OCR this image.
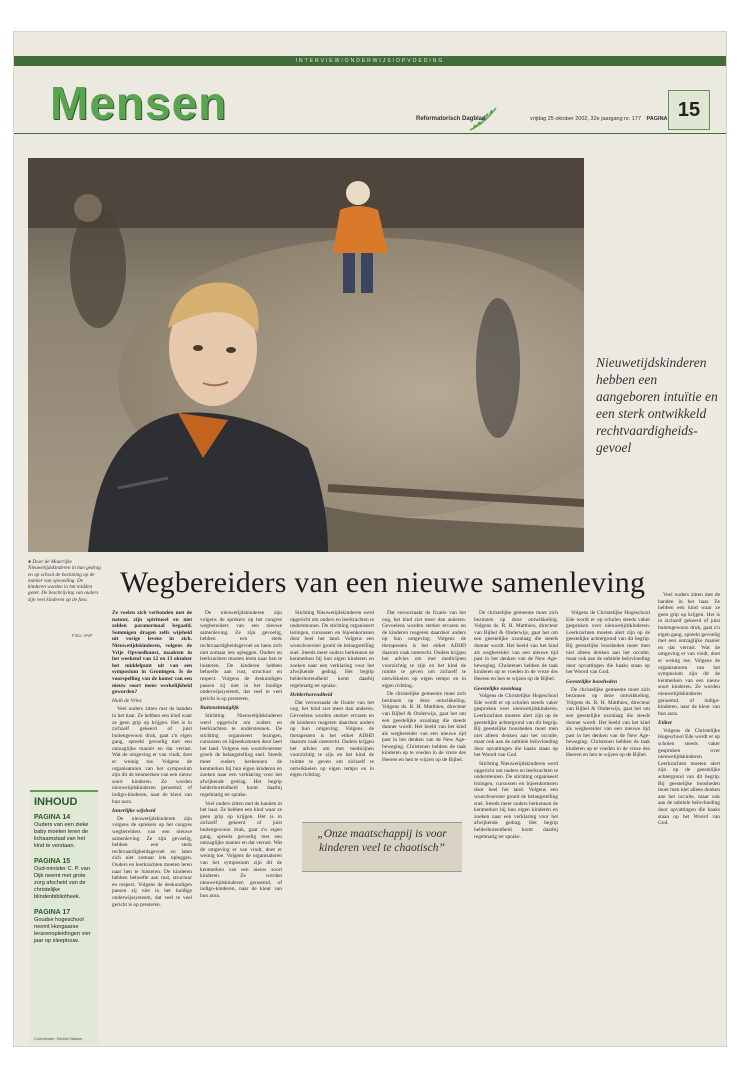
INTERVIEW/ONDERWIJS/OPVOEDING
Mensen	Reformatorisch Dagblad	vrijdag 25 oktober 2002, 32e jaargang nr. 177 PAGINA 15
Nieuwetijdskinderen hebben een aangeboren intuïtie en een sterk ontwikkeld rechtvaardigheids-gevoel
● Door de Maarrijke Nieuwetijdskinderen in hun gedrag en op school de bezinning op de manier van opvoeding. De kinderen worden in het midden gezet. De beschrijving van ouders zijn veel kinderen op de foto.
Foto: ANP
Wegbereiders van een nieuwe samenleving

Ze voelen zich verbonden met de natuur, zijn spiritueel en niet zelden paranormaal begaafd. Sommigen dragen zelfs wijsheid uit vorige levens in zich. Nieuwetijdskinderen, volgens de Vrije Opvoedkunst, maakten in het weekend van 12 en 13 oktober het middelpunt uit van een symposium in Groningen. Is de voorspelling van de komst van een nieuw soort mens werkelijkheid geworden?

Huib de Vries

Veel ouders zitten met de handen in het haar. Ze hebben een kind waar ze geen grip op krijgen. Het is in zichzelf gekeerd of juist buitengewoon druk, gaat z'n eigen gang, spreekt gevoelig met een ontzaglijke manier en dat verrast. Wat de omgeving er van vindt, doet er weinig toe. Volgens de organisatoren van het symposium zijn dit de kenmerken van een nieuw soort kinderen. Ze worden nieuwetijdskinderen genoemd, of indigo-kinderen, naar de kleur van hun aura.

Innerlijke wijsheid

De nieuwetijdskinderen zijn volgens de sprekers op het congres wegbereiders van een nieuwe samenleving. Ze zijn gevoelig, hebben een sterk rechtvaardigheidsgevoel en laten zich niet zomaar iets opleggen. Ouders en leerkrachten moeten leren naar hen te luisteren. De kinderen hebben behoefte aan rust, structuur en respect. Volgens de deskundigen passen zij niet in het huidige onderwijssysteem, dat veel te veel gericht is op presteren.

De nieuwetijdskinderen zijn volgens de sprekers op het congres wegbereiders van een nieuwe samenleving. Ze zijn gevoelig, hebben een sterk rechtvaardigheidsgevoel en laten zich niet zomaar iets opleggen. Ouders en leerkrachten moeten leren naar hen te luisteren. De kinderen hebben behoefte aan rust, structuur en respect. Volgens de deskundigen passen zij niet in het huidige onderwijssysteem, dat veel te veel gericht is op presteren.

Buitenzintuiglijk

Stichting Nieuwetijdskinderen werd opgericht om ouders en leerkrachten te ondersteunen. De stichting organiseert lezingen, cursussen en bijeenkomsten door heel het land. Volgens een woordvoerster groeit de belangstelling snel. Steeds meer ouders herkennen de kenmerken bij hun eigen kinderen en zoeken naar een verklaring voor het afwijkende gedrag. Het begrip helderhorendheid komt daarbij regelmatig ter sprake.

Veel ouders zitten met de handen in het haar. Ze hebben een kind waar ze geen grip op krijgen. Het is in zichzelf gekeerd of juist buitengewoon druk, gaat z'n eigen gang, spreekt gevoelig met een ontzaglijke manier en dat verrast. Wat de omgeving er van vindt, doet er weinig toe. Volgens de organisatoren van het symposium zijn dit de kenmerken van een nieuw soort kinderen. Ze worden nieuwetijdskinderen genoemd, of indigo-kinderen, naar de kleur van hun aura.

Stichting Nieuwetijdskinderen werd opgericht om ouders en leerkrachten te ondersteunen. De stichting organiseert lezingen, cursussen en bijeenkomsten door heel het land. Volgens een woordvoerster groeit de belangstelling snel. Steeds meer ouders herkennen de kenmerken bij hun eigen kinderen en zoeken naar een verklaring voor het afwijkende gedrag. Het begrip helderhorendheid komt daarbij regelmatig ter sprake.

Helderhorendheid

Dat veroorzaakt de fixatie van het oog, het kind ziet meer dan anderen. Gevoelens worden sterker ervaren en de kinderen reageren daardoor anders op hun omgeving. Volgens de therapeuten is het etiket ADHD daarom vaak onterecht. Ouders krijgen het advies om met medicijnen voorzichtig te zijn en het kind de ruimte te geven om zichzelf te ontwikkelen op eigen tempo en in eigen richting.

Dat veroorzaakt de fixatie van het oog, het kind ziet meer dan anderen. Gevoelens worden sterker ervaren en de kinderen reageren daardoor anders op hun omgeving. Volgens de therapeuten is het etiket ADHD daarom vaak onterecht. Ouders krijgen het advies om met medicijnen voorzichtig te zijn en het kind de ruimte te geven om zichzelf te ontwikkelen op eigen tempo en in eigen richting.

De christelijke gemeente moet zich bezinnen op deze ontwikkeling. Volgens ds. R. H. Matthieu, directeur van Bijbel & Onderwijs, gaat het om een geestelijke ozonlaag die steeds dunner wordt. Het beeld van het kind als wegbereider van een nieuwe tijd past in het denken van de New Age-beweging. Christenen hebben de taak kinderen op te voeden in de vreze des Heeren en hen te wijzen op de Bijbel.

De christelijke gemeente moet zich bezinnen op deze ontwikkeling. Volgens ds. R. H. Matthieu, directeur van Bijbel & Onderwijs, gaat het om een geestelijke ozonlaag die steeds dunner wordt. Het beeld van het kind als wegbereider van een nieuwe tijd past in het denken van de New Age-beweging. Christenen hebben de taak kinderen op te voeden in de vreze des Heeren en hen te wijzen op de Bijbel.

Geestelijke ozonlaag

Volgens de Christelijke Hogeschool Ede wordt er op scholen steeds vaker gesproken over nieuwetijdskinderen. Leerkrachten moeten alert zijn op de geestelijke achtergrond van dit begrip. Bij geestelijke boosheden moet men niet alleen denken aan het occulte, maar ook aan de subtiele beïnvloeding door opvattingen die haaks staan op het Woord van God.

Stichting Nieuwetijdskinderen werd opgericht om ouders en leerkrachten te ondersteunen. De stichting organiseert lezingen, cursussen en bijeenkomsten door heel het land. Volgens een woordvoerster groeit de belangstelling snel. Steeds meer ouders herkennen de kenmerken bij hun eigen kinderen en zoeken naar een verklaring voor het afwijkende gedrag. Het begrip helderhorendheid komt daarbij regelmatig ter sprake.

Volgens de Christelijke Hogeschool Ede wordt er op scholen steeds vaker gesproken over nieuwetijdskinderen. Leerkrachten moeten alert zijn op de geestelijke achtergrond van dit begrip. Bij geestelijke boosheden moet men niet alleen denken aan het occulte, maar ook aan de subtiele beïnvloeding door opvattingen die haaks staan op het Woord van God.

Geestelijke boosheden

De christelijke gemeente moet zich bezinnen op deze ontwikkeling. Volgens ds. R. H. Matthieu, directeur van Bijbel & Onderwijs, gaat het om een geestelijke ozonlaag die steeds dunner wordt. Het beeld van het kind als wegbereider van een nieuwe tijd past in het denken van de New Age-beweging. Christenen hebben de taak kinderen op te voeden in de vreze des Heeren en hen te wijzen op de Bijbel.

Veel ouders zitten met de handen in het haar. Ze hebben een kind waar ze geen grip op krijgen. Het is in zichzelf gekeerd of juist buitengewoon druk, gaat z'n eigen gang, spreekt gevoelig met een ontzaglijke manier en dat verrast. Wat de omgeving er van vindt, doet er weinig toe. Volgens de organisatoren van het symposium zijn dit de kenmerken van een nieuw soort kinderen. Ze worden nieuwetijdskinderen genoemd, of indigo-kinderen, naar de kleur van hun aura.

Etiket

Volgens de Christelijke Hogeschool Ede wordt er op scholen steeds vaker gesproken over nieuwetijdskinderen. Leerkrachten moeten alert zijn op de geestelijke achtergrond van dit begrip. Bij geestelijke boosheden moet men niet alleen denken aan het occulte, maar ook aan de subtiele beïnvloeding door opvattingen die haaks staan op het Woord van God.

„Onze maatschappij is voor kinderen veel te chaotisch”
INHOUD
PAGINA 14
Ouders van een zieke baby moeten leren de lichaamstaal van het kind te verstaan.
PAGINA 15
Oud-minister C. P. van Dijk neemt met grote zorg afscheid van de christelijke blindenbibliotheek.
PAGINA 17
Goudse hogeschool neemt Hongaarse lerarenopleidingen vier jaar op sleeptouw.
Coördinatie: Michiel Bakker
